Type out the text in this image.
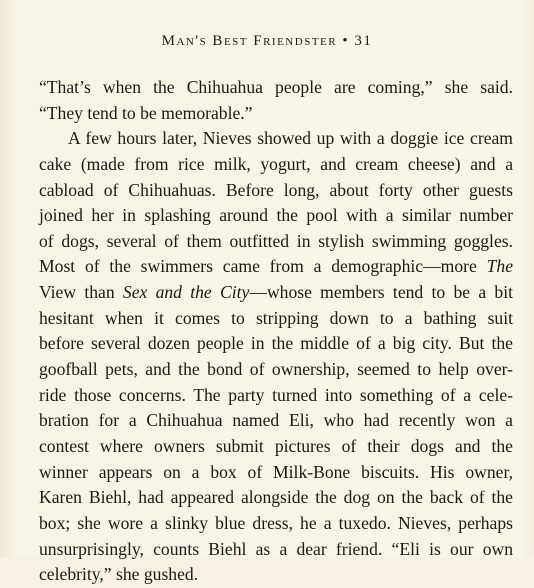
Man's Best Friendster • 31
“That’s when the Chihuahua people are coming,” she said.
“They tend to be memorable.”
A few hours later, Nieves showed up with a doggie ice cream
cake (made from rice milk, yogurt, and cream cheese) and a
cabload of Chihuahuas. Before long, about forty other guests
joined her in splashing around the pool with a similar number
of dogs, several of them outfitted in stylish swimming goggles.
Most of the swimmers came from a demographic—more The
View than Sex and the City—whose members tend to be a bit
hesitant when it comes to stripping down to a bathing suit
before several dozen people in the middle of a big city. But the
goofball pets, and the bond of ownership, seemed to help over-
ride those concerns. The party turned into something of a cele-
bration for a Chihuahua named Eli, who had recently won a
contest where owners submit pictures of their dogs and the
winner appears on a box of Milk-Bone biscuits. His owner,
Karen Biehl, had appeared alongside the dog on the back of the
box; she wore a slinky blue dress, he a tuxedo. Nieves, perhaps
unsurprisingly, counts Biehl as a dear friend. “Eli is our own
celebrity,” she gushed.
